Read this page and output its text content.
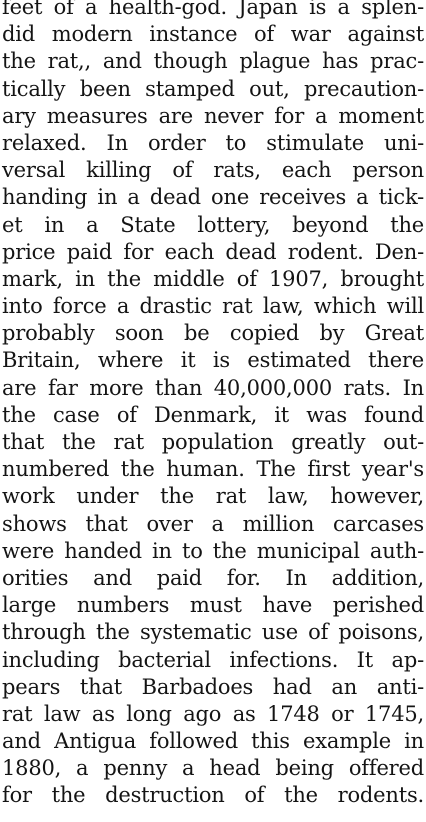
feet of a health-god. Japan is a splen-
did modern instance of war against
the rat,, and though plague has prac-
tically been stamped out, precaution-
ary measures are never for a moment
relaxed. In order to stimulate uni-
versal killing of rats, each person
handing in a dead one receives a tick-
et in a State lottery, beyond the
price paid for each dead rodent. Den-
mark, in the middle of 1907, brought
into force a drastic rat law, which will
probably soon be copied by Great
Britain, where it is estimated there
are far more than 40,000,000 rats. In
the case of Denmark, it was found
that the rat population greatly out-
numbered the human. The first year's
work under the rat law, however,
shows that over a million carcases
were handed in to the municipal auth-
orities and paid for. In addition,
large numbers must have perished
through the systematic use of poisons,
including bacterial infections. It ap-
pears that Barbadoes had an anti-
rat law as long ago as 1748 or 1745,
and Antigua followed this example in
1880, a penny a head being offered
for the destruction of the rodents.
